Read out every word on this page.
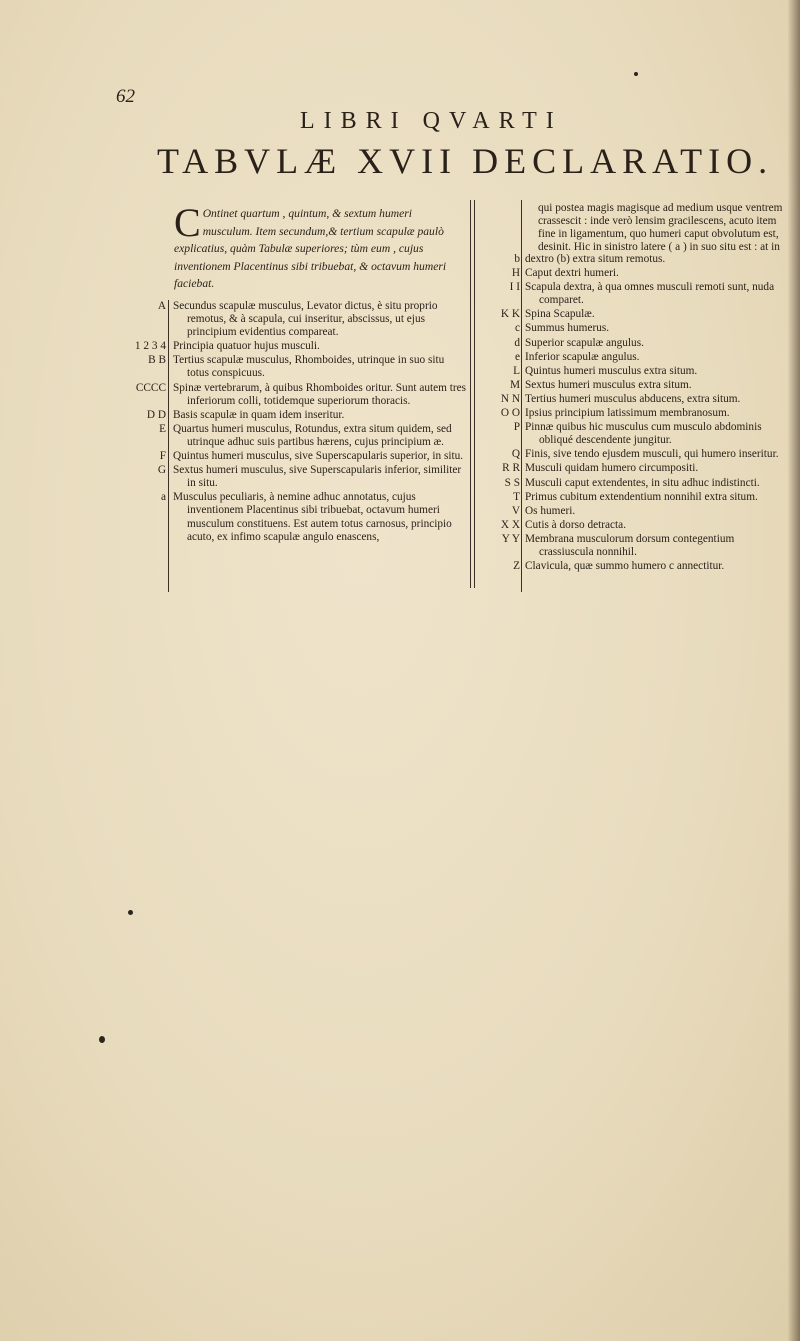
62
LIBRI QVARTI
TABVLÆ XVII DECLARATIO.
C Ontinet quartum , quintum, & sextum humeri musculum. Item secundum,& tertium scapulæ paulò explicatius, quàm Tabulæ superiores; tùm eum , cujus inventionem Placentinus sibi tribuebat, & octavum humeri faciebat.
A Secundus scapulæ musculus, Levator dictus, è situ proprio remotus, & à scapula, cui inseritur, abscissus, ut ejus principium evidentius compareat.
1 2 3 4 Principia quatuor hujus musculi.
B B Tertius scapulæ musculus, Rhomboides, utrinque in suo situ totus conspicuus.
CCCC Spinæ vertebrarum, à quibus Rhomboides oritur. Sunt autem tres inferiorum colli, totidemque superiorum thoracis.
D D Basis scapulæ in quam idem inseritur.
E Quartus humeri musculus, Rotundus, extra situm quidem, sed utrinque adhuc suis partibus hærens, cujus principium æ.
F Quintus humeri musculus, sive Superscapularis superior, in situ.
G Sextus humeri musculus, sive Superscapularis inferior, similiter in situ.
a Musculus peculiaris, à nemine adhuc annotatus, cujus inventionem Placentinus sibi tribuebat, octavum humeri musculum constituens. Est autem totus carnosus, principio acuto, ex infimo scapulæ angulo enascens,
qui postea magis magisque ad medium usque ventrem crassescit : inde verò lensim gracilescens, acuto item fine in ligamentum, quo humeri caput obvolutum est, desinit. Hic in sinistro latere ( a ) in suo situ est : at in
b dextro (b) extra situm remotus.
H Caput dextri humeri.
I I Scapula dextra, à qua omnes musculi remoti sunt, nuda comparet.
K K Spina Scapulæ.
c Summus humerus.
d Superior scapulæ angulus.
e Inferior scapulæ angulus.
L Quintus humeri musculus extra situm.
M Sextus humeri musculus extra situm.
N N Tertius humeri musculus abducens, extra situm.
O O Ipsius principium latissimum membranosum.
P Pinnæ quibus hic musculus cum musculo abdominis obliqué descendente jungitur.
Q Finis, sive tendo ejusdem musculi, qui humero inseritur.
R R Musculi quidam humero circumpositi.
S S Musculi caput extendentes, in situ adhuc indistincti.
T Primus cubitum extendentium nonnihil extra situm.
V Os humeri.
X X Cutis à dorso detracta.
Y Y Membrana musculorum dorsum contegentium crassiuscula nonnihil.
Z Clavicula, quæ summo humero c annectitur.
